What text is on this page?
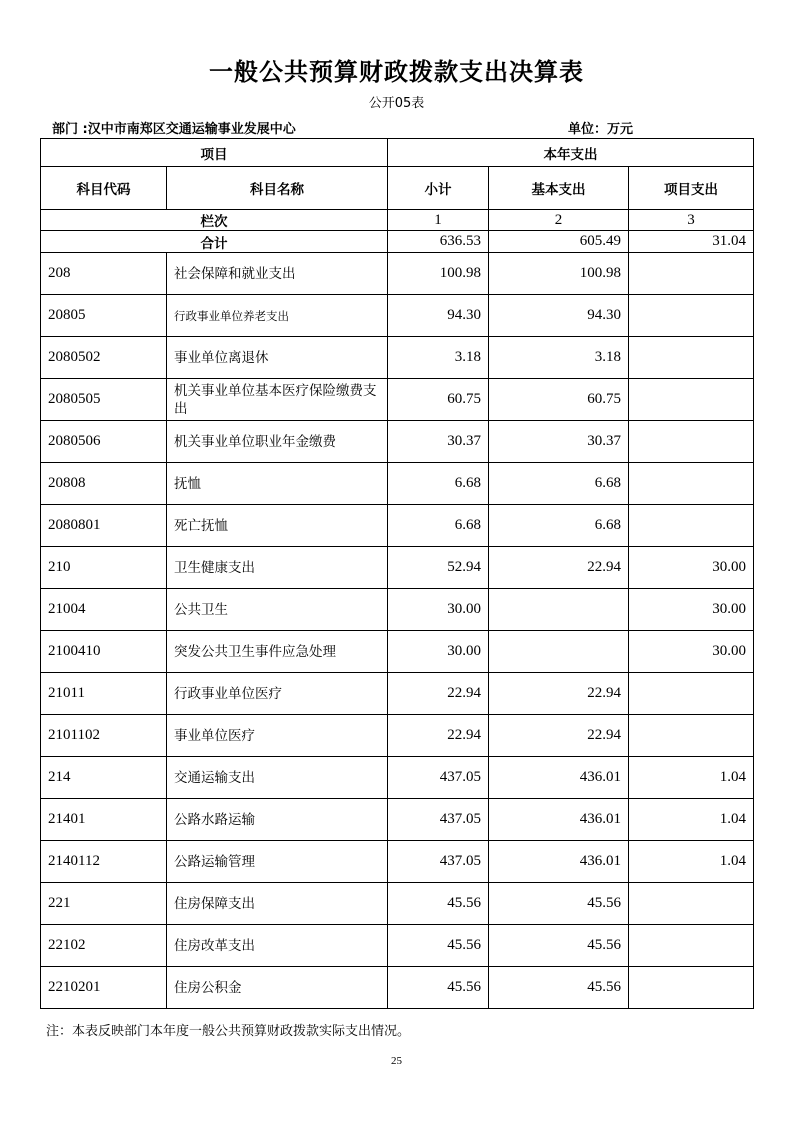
一般公共预算财政拨款支出决算表
公开05表
部门 :汉中市南郑区交通运输事业发展中心	单位：万元
项目		本年支出		
科目代码	科目名称	小计	基本支出	项目支出
栏次		1	2	3
合计		636.53	605.49	31.04
208	社会保障和就业支出	100.98	100.98	
20805	行政事业单位养老支出	94.30	94.30	
2080502	事业单位离退休	3.18	3.18	
2080505	机关事业单位基本医疗保险缴费支出	60.75	60.75	
2080506	机关事业单位职业年金缴费	30.37	30.37	
20808	抚恤	6.68	6.68	
2080801	死亡抚恤	6.68	6.68	
210	卫生健康支出	52.94	22.94	30.00
21004	公共卫生	30.00		30.00
2100410	突发公共卫生事件应急处理	30.00		30.00
21011	行政事业单位医疗	22.94	22.94	
2101102	事业单位医疗	22.94	22.94	
214	交通运输支出	437.05	436.01	1.04
21401	公路水路运输	437.05	436.01	1.04
2140112	公路运输管理	437.05	436.01	1.04
221	住房保障支出	45.56	45.56	
22102	住房改革支出	45.56	45.56	
2210201	住房公积金	45.56	45.56	
注：本表反映部门本年度一般公共预算财政拨款实际支出情况。
25
